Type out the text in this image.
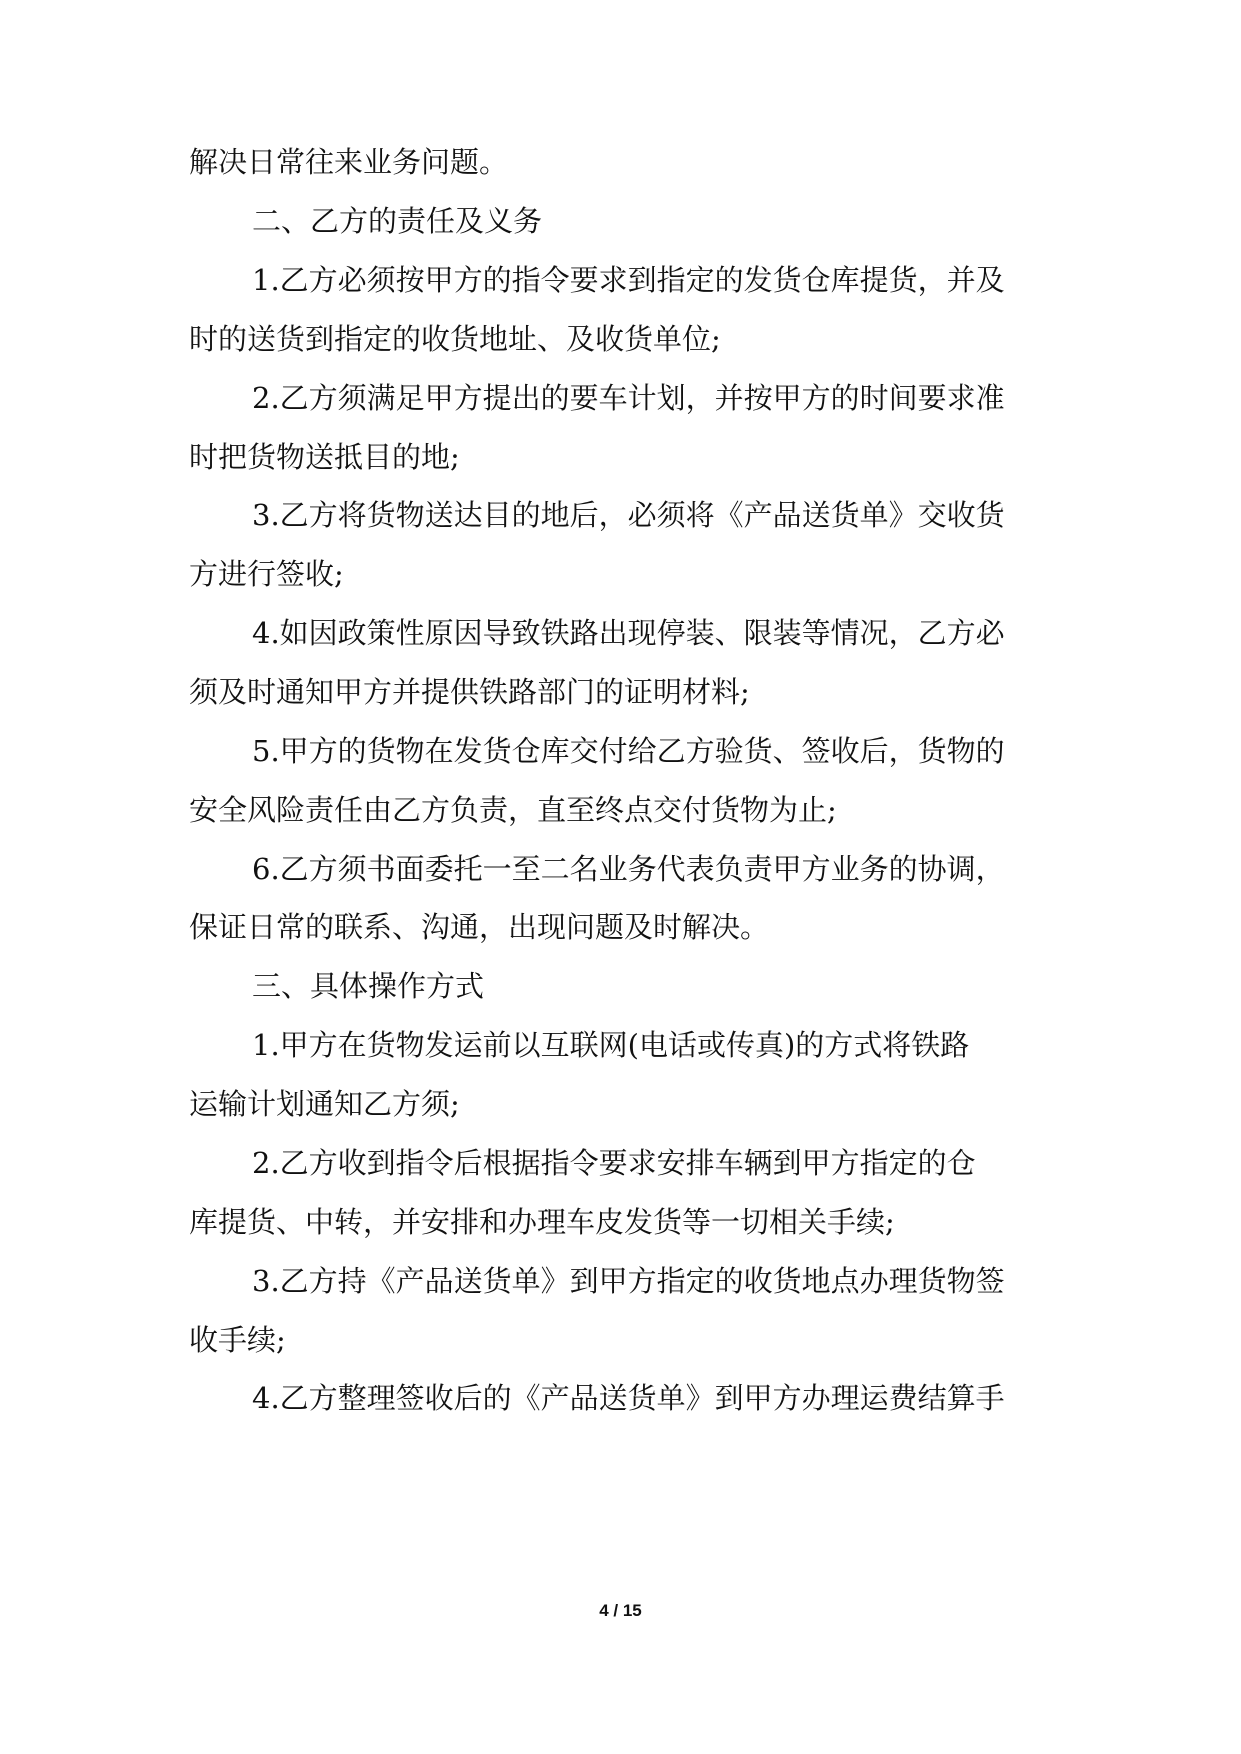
解决日常往来业务问题。
二、乙方的责任及义务
1.乙方必须按甲方的指令要求到指定的发货仓库提货，并及
时的送货到指定的收货地址、及收货单位;
2.乙方须满足甲方提出的要车计划，并按甲方的时间要求准
时把货物送抵目的地;
3.乙方将货物送达目的地后，必须将《产品送货单》交收货
方进行签收;
4.如因政策性原因导致铁路出现停装、限装等情况，乙方必
须及时通知甲方并提供铁路部门的证明材料;
5.甲方的货物在发货仓库交付给乙方验货、签收后，货物的
安全风险责任由乙方负责，直至终点交付货物为止;
6.乙方须书面委托一至二名业务代表负责甲方业务的协调，
保证日常的联系、沟通，出现问题及时解决。
三、具体操作方式
1.甲方在货物发运前以互联网(电话或传真)的方式将铁路
运输计划通知乙方须;
2.乙方收到指令后根据指令要求安排车辆到甲方指定的仓
库提货、中转，并安排和办理车皮发货等一切相关手续;
3.乙方持《产品送货单》到甲方指定的收货地点办理货物签
收手续;
4.乙方整理签收后的《产品送货单》到甲方办理运费结算手
4 / 15
